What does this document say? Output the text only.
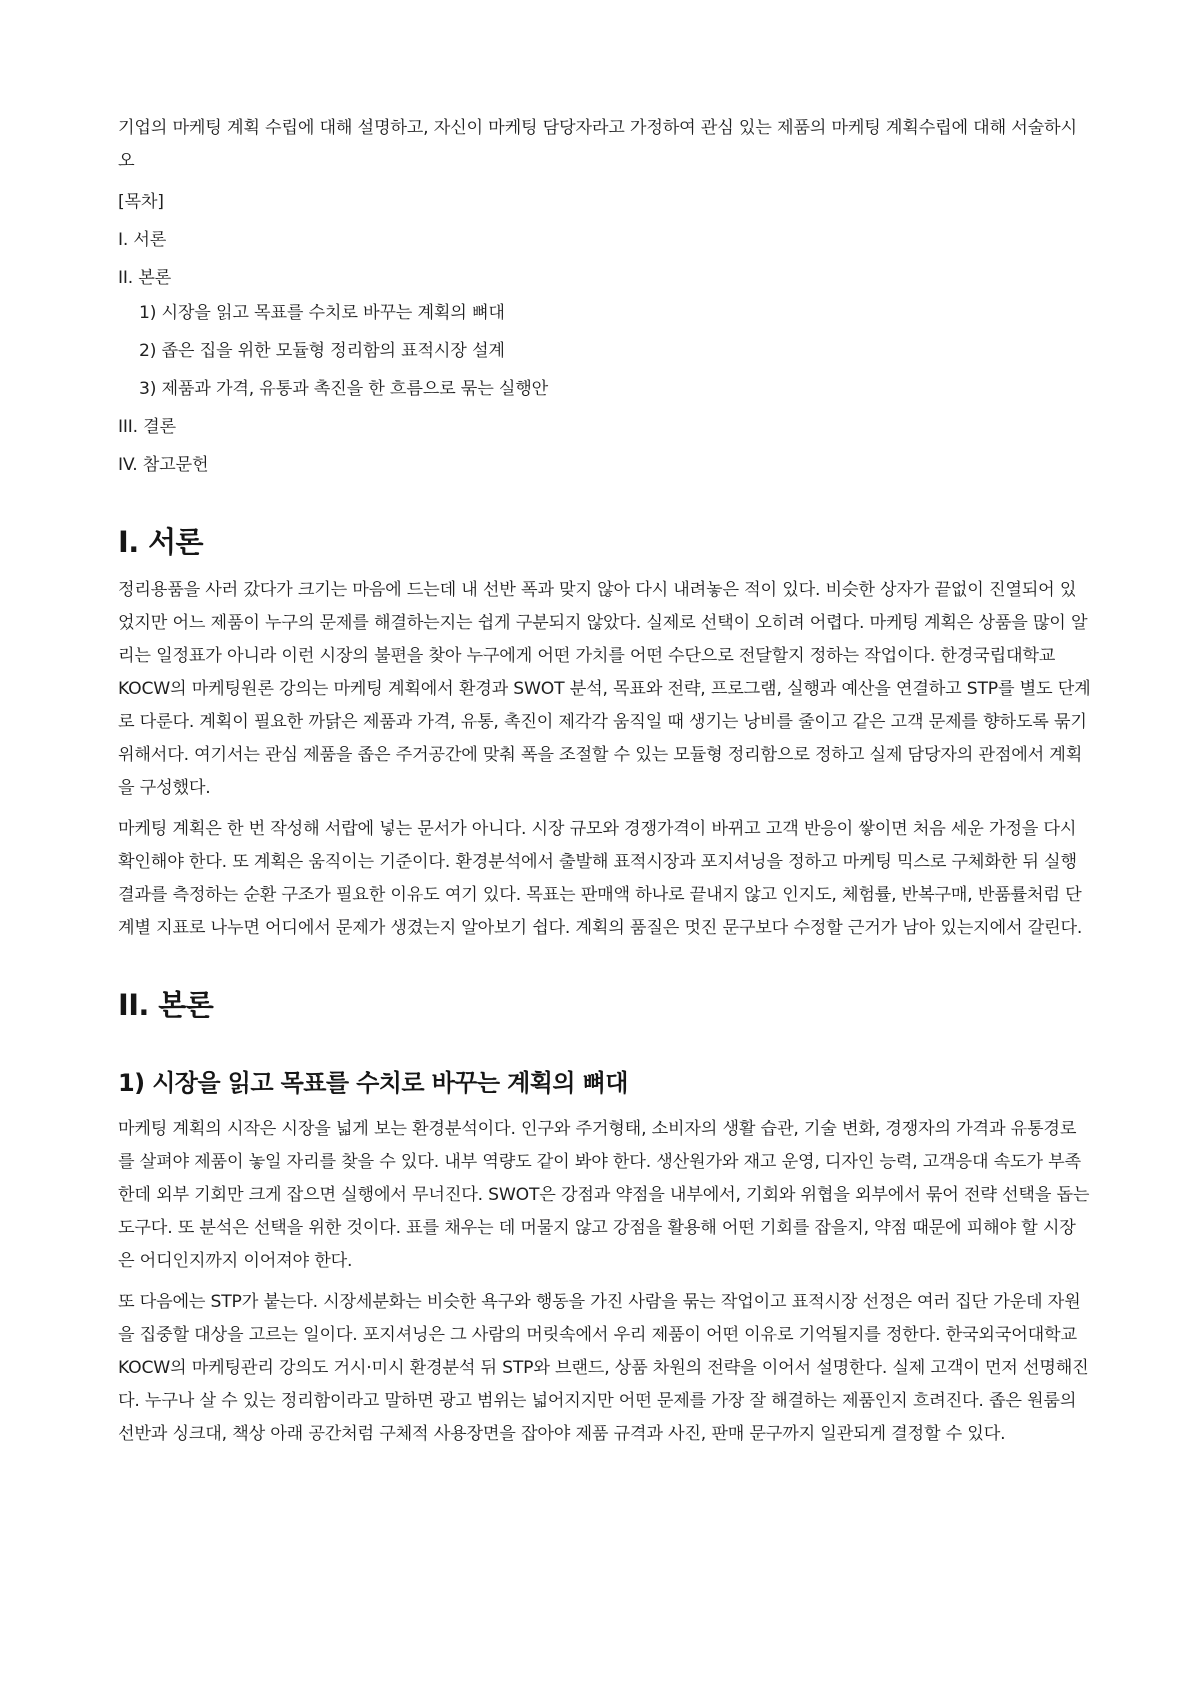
기업의 마케팅 계획 수립에 대해 설명하고, 자신이 마케팅 담당자라고 가정하여 관심 있는 제품의 마케팅 계획수립에 대해 서술하시오

[목차]
I. 서론
II. 본론
1) 시장을 읽고 목표를 수치로 바꾸는 계획의 뼈대
2) 좁은 집을 위한 모듈형 정리함의 표적시장 설계
3) 제품과 가격, 유통과 촉진을 한 흐름으로 묶는 실행안
III. 결론
IV. 참고문헌
I. 서론

정리용품을 사러 갔다가 크기는 마음에 드는데 내 선반 폭과 맞지 않아 다시 내려놓은 적이 있다. 비슷한 상자가 끝없이 진열되어 있었지만 어느 제품이 누구의 문제를 해결하는지는 쉽게 구분되지 않았다. 실제로 선택이 오히려 어렵다. 마케팅 계획은 상품을 많이 알리는 일정표가 아니라 이런 시장의 불편을 찾아 누구에게 어떤 가치를 어떤 수단으로 전달할지 정하는 작업이다. 한경국립대학교 KOCW의 마케팅원론 강의는 마케팅 계획에서 환경과 SWOT 분석, 목표와 전략, 프로그램, 실행과 예산을 연결하고 STP를 별도 단계로 다룬다. 계획이 필요한 까닭은 제품과 가격, 유통, 촉진이 제각각 움직일 때 생기는 낭비를 줄이고 같은 고객 문제를 향하도록 묶기 위해서다. 여기서는 관심 제품을 좁은 주거공간에 맞춰 폭을 조절할 수 있는 모듈형 정리함으로 정하고 실제 담당자의 관점에서 계획을 구성했다.

마케팅 계획은 한 번 작성해 서랍에 넣는 문서가 아니다. 시장 규모와 경쟁가격이 바뀌고 고객 반응이 쌓이면 처음 세운 가정을 다시 확인해야 한다. 또 계획은 움직이는 기준이다. 환경분석에서 출발해 표적시장과 포지셔닝을 정하고 마케팅 믹스로 구체화한 뒤 실행 결과를 측정하는 순환 구조가 필요한 이유도 여기 있다. 목표는 판매액 하나로 끝내지 않고 인지도, 체험률, 반복구매, 반품률처럼 단계별 지표로 나누면 어디에서 문제가 생겼는지 알아보기 쉽다. 계획의 품질은 멋진 문구보다 수정할 근거가 남아 있는지에서 갈린다.

II. 본론
1) 시장을 읽고 목표를 수치로 바꾸는 계획의 뼈대

마케팅 계획의 시작은 시장을 넓게 보는 환경분석이다. 인구와 주거형태, 소비자의 생활 습관, 기술 변화, 경쟁자의 가격과 유통경로를 살펴야 제품이 놓일 자리를 찾을 수 있다. 내부 역량도 같이 봐야 한다. 생산원가와 재고 운영, 디자인 능력, 고객응대 속도가 부족한데 외부 기회만 크게 잡으면 실행에서 무너진다. SWOT은 강점과 약점을 내부에서, 기회와 위협을 외부에서 묶어 전략 선택을 돕는 도구다. 또 분석은 선택을 위한 것이다. 표를 채우는 데 머물지 않고 강점을 활용해 어떤 기회를 잡을지, 약점 때문에 피해야 할 시장은 어디인지까지 이어져야 한다.

또 다음에는 STP가 붙는다. 시장세분화는 비슷한 욕구와 행동을 가진 사람을 묶는 작업이고 표적시장 선정은 여러 집단 가운데 자원을 집중할 대상을 고르는 일이다. 포지셔닝은 그 사람의 머릿속에서 우리 제품이 어떤 이유로 기억될지를 정한다. 한국외국어대학교 KOCW의 마케팅관리 강의도 거시·미시 환경분석 뒤 STP와 브랜드, 상품 차원의 전략을 이어서 설명한다. 실제 고객이 먼저 선명해진다. 누구나 살 수 있는 정리함이라고 말하면 광고 범위는 넓어지지만 어떤 문제를 가장 잘 해결하는 제품인지 흐려진다. 좁은 원룸의 선반과 싱크대, 책상 아래 공간처럼 구체적 사용장면을 잡아야 제품 규격과 사진, 판매 문구까지 일관되게 결정할 수 있다.
